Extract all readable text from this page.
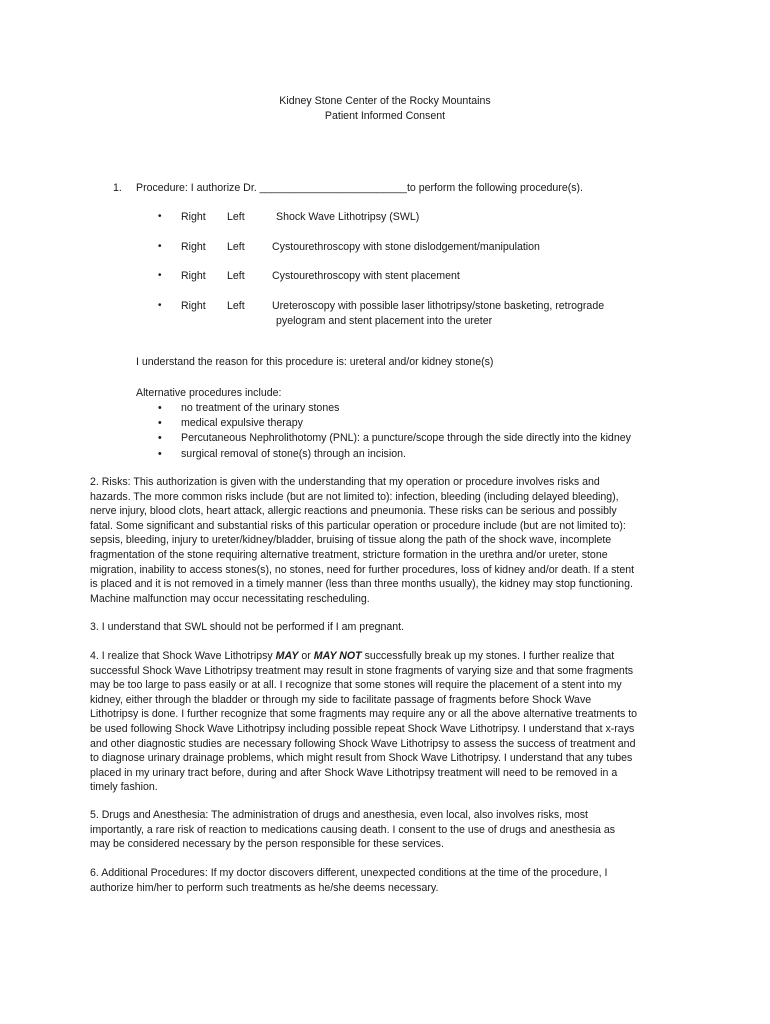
Kidney Stone Center of the Rocky Mountains
Patient Informed Consent
1. Procedure: I authorize Dr. _________________________to perform the following procedure(s).
• Right Left	Shock Wave Lithotripsy (SWL)
• Right Left	Cystourethroscopy with stone dislodgement/manipulation
• Right Left	Cystourethroscopy with stent placement
• Right Left	Ureteroscopy with possible laser lithotripsy/stone basketing, retrograde
pyelogram and stent placement into the ureter
I understand the reason for this procedure is: ureteral and/or kidney stone(s)
Alternative procedures include:
• no treatment of the urinary stones
• medical expulsive therapy
• Percutaneous Nephrolithotomy (PNL): a puncture/scope through the side directly into the kidney
• surgical removal of stone(s) through an incision.
2. Risks: This authorization is given with the understanding that my operation or procedure involves risks and
hazards. The more common risks include (but are not limited to): infection, bleeding (including delayed bleeding),
nerve injury, blood clots, heart attack, allergic reactions and pneumonia. These risks can be serious and possibly
fatal. Some significant and substantial risks of this particular operation or procedure include (but are not limited to):
sepsis, bleeding, injury to ureter/kidney/bladder, bruising of tissue along the path of the shock wave, incomplete
fragmentation of the stone requiring alternative treatment, stricture formation in the urethra and/or ureter, stone
migration, inability to access stones(s), no stones, need for further procedures, loss of kidney and/or death. If a stent
is placed and it is not removed in a timely manner (less than three months usually), the kidney may stop functioning.
Machine malfunction may occur necessitating rescheduling.
3. I understand that SWL should not be performed if I am pregnant.
4. I realize that Shock Wave Lithotripsy MAY or MAY NOT successfully break up my stones. I further realize that
successful Shock Wave Lithotripsy treatment may result in stone fragments of varying size and that some fragments
may be too large to pass easily or at all. I recognize that some stones will require the placement of a stent into my
kidney, either through the bladder or through my side to facilitate passage of fragments before Shock Wave
Lithotripsy is done. I further recognize that some fragments may require any or all the above alternative treatments to
be used following Shock Wave Lithotripsy including possible repeat Shock Wave Lithotripsy. I understand that x-rays
and other diagnostic studies are necessary following Shock Wave Lithotripsy to assess the success of treatment and
to diagnose urinary drainage problems, which might result from Shock Wave Lithotripsy. I understand that any tubes
placed in my urinary tract before, during and after Shock Wave Lithotripsy treatment will need to be removed in a
timely fashion.
5. Drugs and Anesthesia: The administration of drugs and anesthesia, even local, also involves risks, most
importantly, a rare risk of reaction to medications causing death. I consent to the use of drugs and anesthesia as
may be considered necessary by the person responsible for these services.
6. Additional Procedures: If my doctor discovers different, unexpected conditions at the time of the procedure, I
authorize him/her to perform such treatments as he/she deems necessary.
